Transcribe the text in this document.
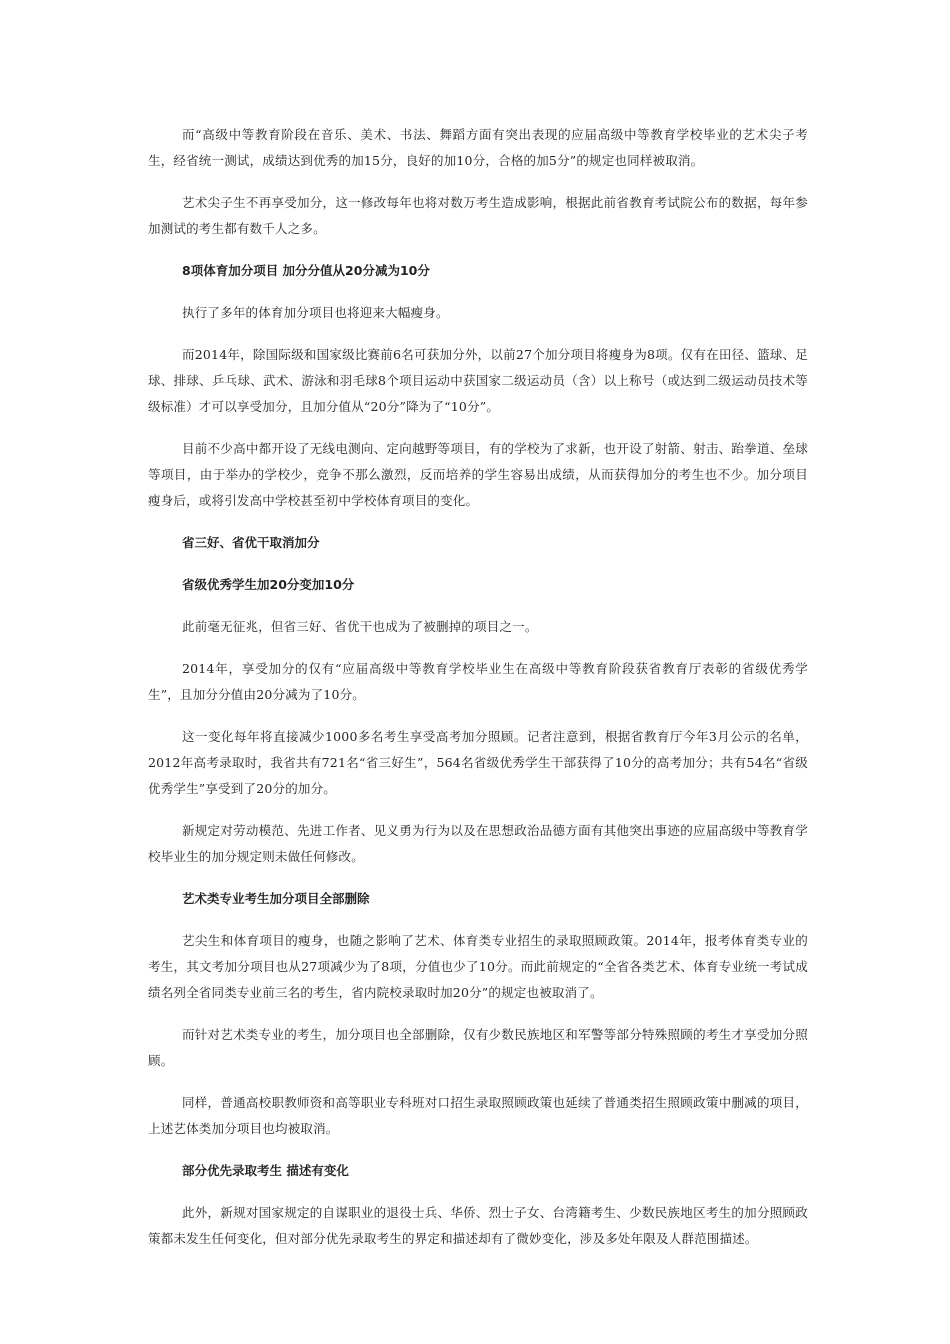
而“高级中等教育阶段在音乐、美术、书法、舞蹈方面有突出表现的应届高级中等教育学校毕业的艺术尖子考生，经省统一测试，成绩达到优秀的加15分，良好的加10分，合格的加5分”的规定也同样被取消。

艺术尖子生不再享受加分，这一修改每年也将对数万考生造成影响，根据此前省教育考试院公布的数据，每年参加测试的考生都有数千人之多。

8项体育加分项目 加分分值从20分减为10分

执行了多年的体育加分项目也将迎来大幅瘦身。

而2014年，除国际级和国家级比赛前6名可获加分外，以前27个加分项目将瘦身为8项。仅有在田径、篮球、足球、排球、乒乓球、武术、游泳和羽毛球8个项目运动中获国家二级运动员（含）以上称号（或达到二级运动员技术等级标准）才可以享受加分，且加分值从“20分”降为了“10分”。

目前不少高中都开设了无线电测向、定向越野等项目，有的学校为了求新，也开设了射箭、射击、跆拳道、垒球等项目，由于举办的学校少，竞争不那么激烈，反而培养的学生容易出成绩，从而获得加分的考生也不少。加分项目瘦身后，或将引发高中学校甚至初中学校体育项目的变化。

省三好、省优干取消加分

省级优秀学生加20分变加10分

此前毫无征兆，但省三好、省优干也成为了被删掉的项目之一。

2014年，享受加分的仅有“应届高级中等教育学校毕业生在高级中等教育阶段获省教育厅表彰的省级优秀学生”，且加分分值由20分减为了10分。

这一变化每年将直接减少1000多名考生享受高考加分照顾。记者注意到，根据省教育厅今年3月公示的名单，2012年高考录取时，我省共有721名“省三好生”，564名省级优秀学生干部获得了10分的高考加分；共有54名“省级优秀学生”享受到了20分的加分。

新规定对劳动模范、先进工作者、见义勇为行为以及在思想政治品德方面有其他突出事迹的应届高级中等教育学校毕业生的加分规定则未做任何修改。

艺术类专业考生加分项目全部删除

艺尖生和体育项目的瘦身，也随之影响了艺术、体育类专业招生的录取照顾政策。2014年，报考体育类专业的考生，其文考加分项目也从27项减少为了8项，分值也少了10分。而此前规定的“全省各类艺术、体育专业统一考试成绩名列全省同类专业前三名的考生，省内院校录取时加20分”的规定也被取消了。

而针对艺术类专业的考生，加分项目也全部删除，仅有少数民族地区和军警等部分特殊照顾的考生才享受加分照顾。

同样，普通高校职教师资和高等职业专科班对口招生录取照顾政策也延续了普通类招生照顾政策中删减的项目，上述艺体类加分项目也均被取消。

部分优先录取考生 描述有变化

此外，新规对国家规定的自谋职业的退役士兵、华侨、烈士子女、台湾籍考生、少数民族地区考生的加分照顾政策都未发生任何变化，但对部分优先录取考生的界定和描述却有了微妙变化，涉及多处年限及人群范围描述。
